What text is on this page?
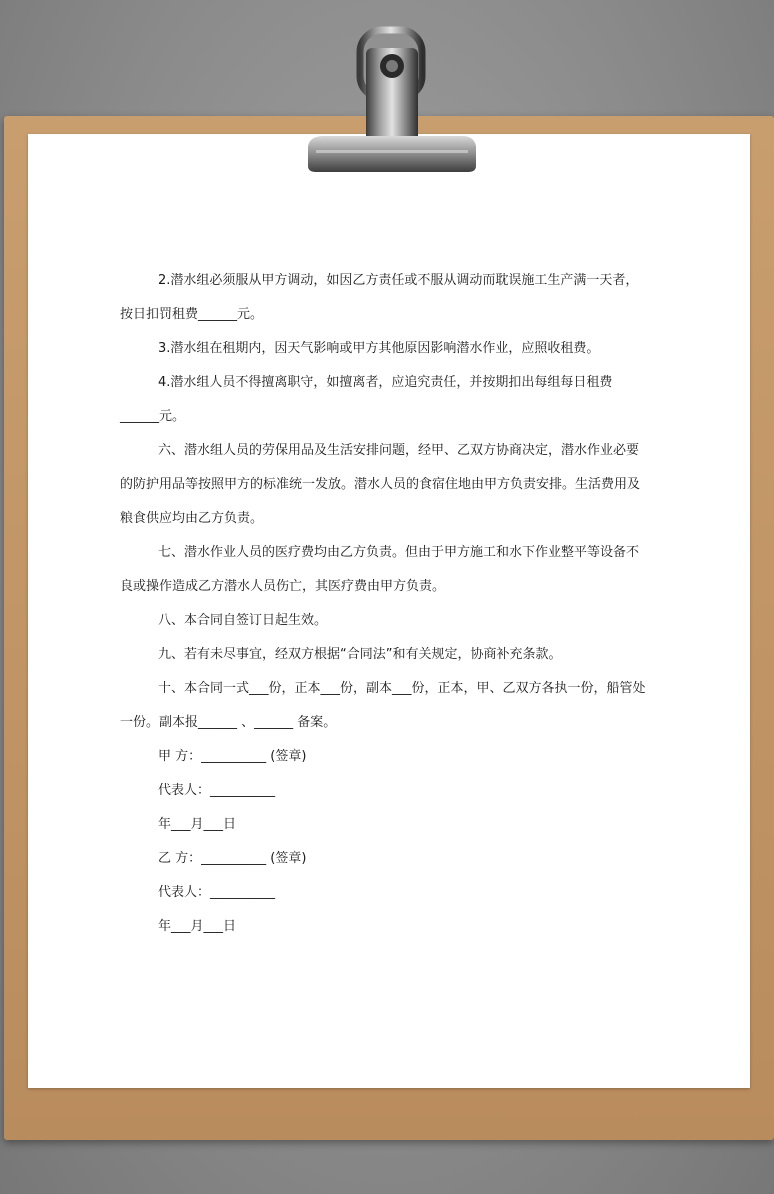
2.潜水组必须服从甲方调动，如因乙方责任或不服从调动而耽误施工生产满一天者，按日扣罚租费______元。

3.潜水组在租期内，因天气影响或甲方其他原因影响潜水作业，应照收租费。

4.潜水组人员不得擅离职守，如擅离者，应追究责任，并按期扣出每组每日租费______元。

六、潜水组人员的劳保用品及生活安排问题，经甲、乙双方协商决定，潜水作业必要的防护用品等按照甲方的标准统一发放。潜水人员的食宿住地由甲方负责安排。生活费用及粮食供应均由乙方负责。

七、潜水作业人员的医疗费均由乙方负责。但由于甲方施工和水下作业整平等设备不良或操作造成乙方潜水人员伤亡，其医疗费由甲方负责。

八、本合同自签订日起生效。

九、若有未尽事宜，经双方根据“合同法”和有关规定，协商补充条款。

十、本合同一式___份，正本___份，副本___份，正本，甲、乙双方各执一份，船管处一份。副本报______ 、______ 备案。

甲 方：__________ (签章)

代表人：__________

年___月___日

乙 方：__________ (签章)

代表人：__________

年___月___日
